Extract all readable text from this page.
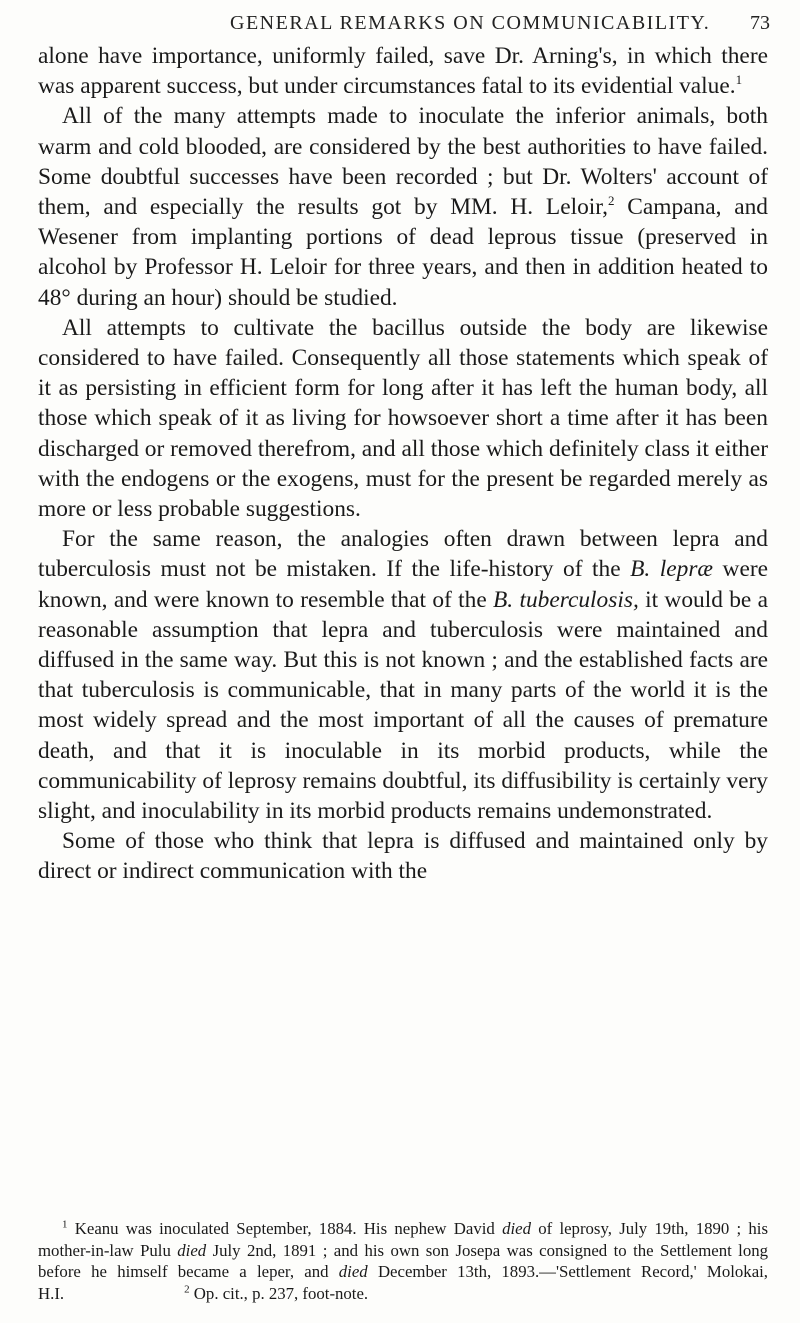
GENERAL REMARKS ON COMMUNICABILITY. 73

alone have importance, uniformly failed, save Dr. Arning's, in which there was apparent success, but under circumstances fatal to its evidential value.$^1$

All of the many attempts made to inoculate the inferior animals, both warm and cold blooded, are considered by the best authorities to have failed. Some doubtful successes have been recorded ; but Dr. Wolters' account of them, and especially the results got by MM. H. Leloir,$^2$ Campana, and Wesener from implanting portions of dead leprous tissue (preserved in alcohol by Professor H. Leloir for three years, and then in addition heated to 48° during an hour) should be studied.

All attempts to cultivate the bacillus outside the body are likewise considered to have failed. Consequently all those statements which speak of it as persisting in efficient form for long after it has left the human body, all those which speak of it as living for howsoever short a time after it has been discharged or removed therefrom, and all those which definitely class it either with the endogens or the exogens, must for the present be regarded merely as more or less probable suggestions.

For the same reason, the analogies often drawn between lepra and tuberculosis must not be mistaken. If the life-history of the B. lepræ were known, and were known to resemble that of the B. tuberculosis, it would be a reasonable assumption that lepra and tuberculosis were maintained and diffused in the same way. But this is not known ; and the established facts are that tuberculosis is communicable, that in many parts of the world it is the most widely spread and the most important of all the causes of premature death, and that it is inoculable in its morbid products, while the communicability of leprosy remains doubtful, its diffusibility is certainly very slight, and inoculability in its morbid products remains undemonstrated.

Some of those who think that lepra is diffused and maintained only by direct or indirect communication with the

$^1$ Keanu was inoculated September, 1884. His nephew David died of leprosy, July 19th, 1890 ; his mother-in-law Pulu died July 2nd, 1891 ; and his own son Josepa was consigned to the Settlement long before he himself became a leper, and died December 13th, 1893.—'Settlement Record,' Molokai, H.I.	$^2$ Op. cit., p. 237, foot-note.
